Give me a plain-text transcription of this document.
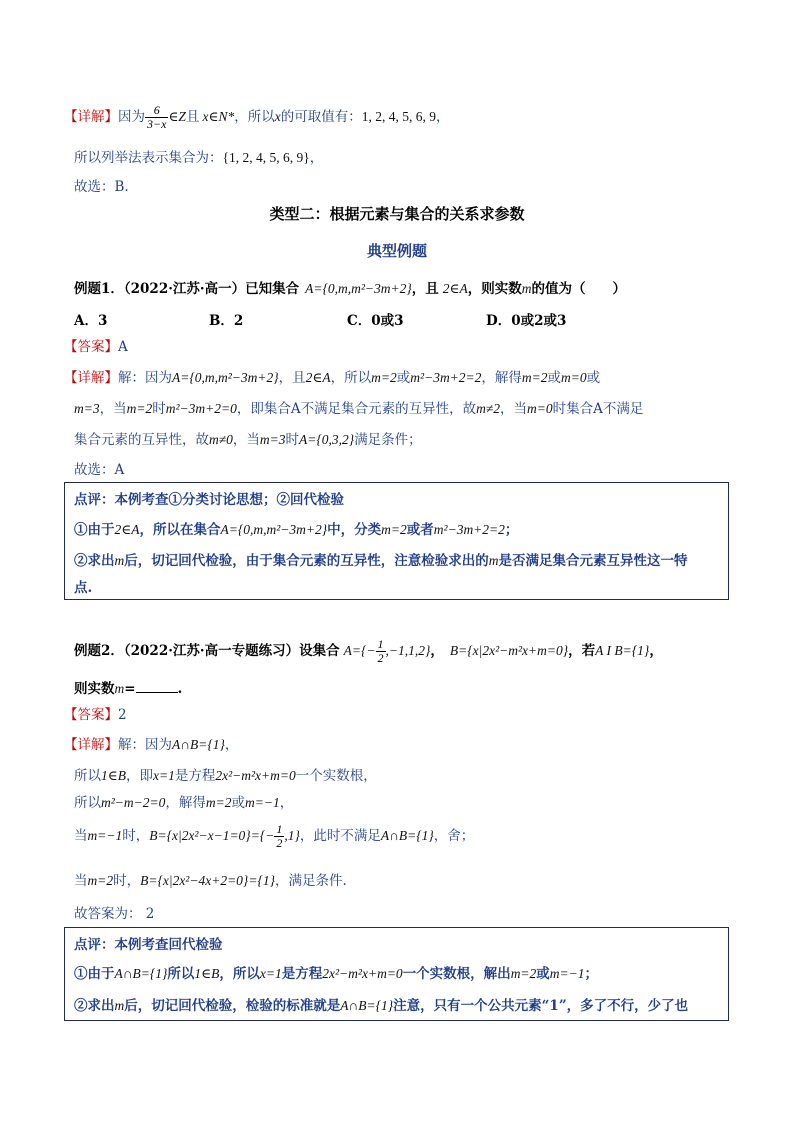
【详解】因为 $\frac{6}{3-x}$ ∈Z且 x∈N*，所以x的可取值有：1, 2, 4, 5, 6, 9，
所以列举法表示集合为：{1, 2, 4, 5, 6, 9}，
故选：B.
类型二：根据元素与集合的关系求参数
典型例题
例题1．（2022·江苏·高一）已知集合 A={0,m,m²−3m+2}，且 2∈A，则实数m的值为（　　）
A．3	B．2	C．0或3	D．0或2或3
【答案】A
【详解】解：因为A={0,m,m²−3m+2}，且2∈A，所以m=2或m²−3m+2=2，解得m=2或m=0或
m=3，当m=2时m²−3m+2=0，即集合A不满足集合元素的互异性，故m≠2，当m=0时集合A不满足
集合元素的互异性，故m≠0，当m=3时A={0,3,2}满足条件；
故选：A
点评：本例考查①分类讨论思想；②回代检验
①由于2∈A，所以在集合A={0,m,m²−3m+2}中，分类m=2或者m²−3m+2=2；
②求出m后，切记回代检验，由于集合元素的互异性，注意检验求出的m是否满足集合元素互异性这一特
点.
例题2．（2022·江苏·高一专题练习）设集合 $A=\{- \frac{1}{2} ,-1,1,2\}$， B={x|2x²−m²x+m=0}，若A I B={1}，
则实数m=	.
【答案】2
【详解】解：因为A∩B={1}，
所以1∈B，即x=1是方程2x²−m²x+m=0一个实数根，
所以m²−m−2=0，解得m=2或m=−1，
当m=−1时，$B=\{x|2x^2-x-1=0\}=\{- \frac{1}{2} ,1\}$，此时不满足A∩B={1}，舍；
当m=2时，B={x|2x²−4x+2=0}={1}，满足条件.
故答案为： 2
点评：本例考查回代检验
①由于A∩B={1}所以1∈B，所以x=1是方程2x²−m²x+m=0一个实数根，解出m=2或m=−1；
②求出m后，切记回代检验，检验的标准就是A∩B={1}注意，只有一个公共元素“1”，多了不行，少了也
